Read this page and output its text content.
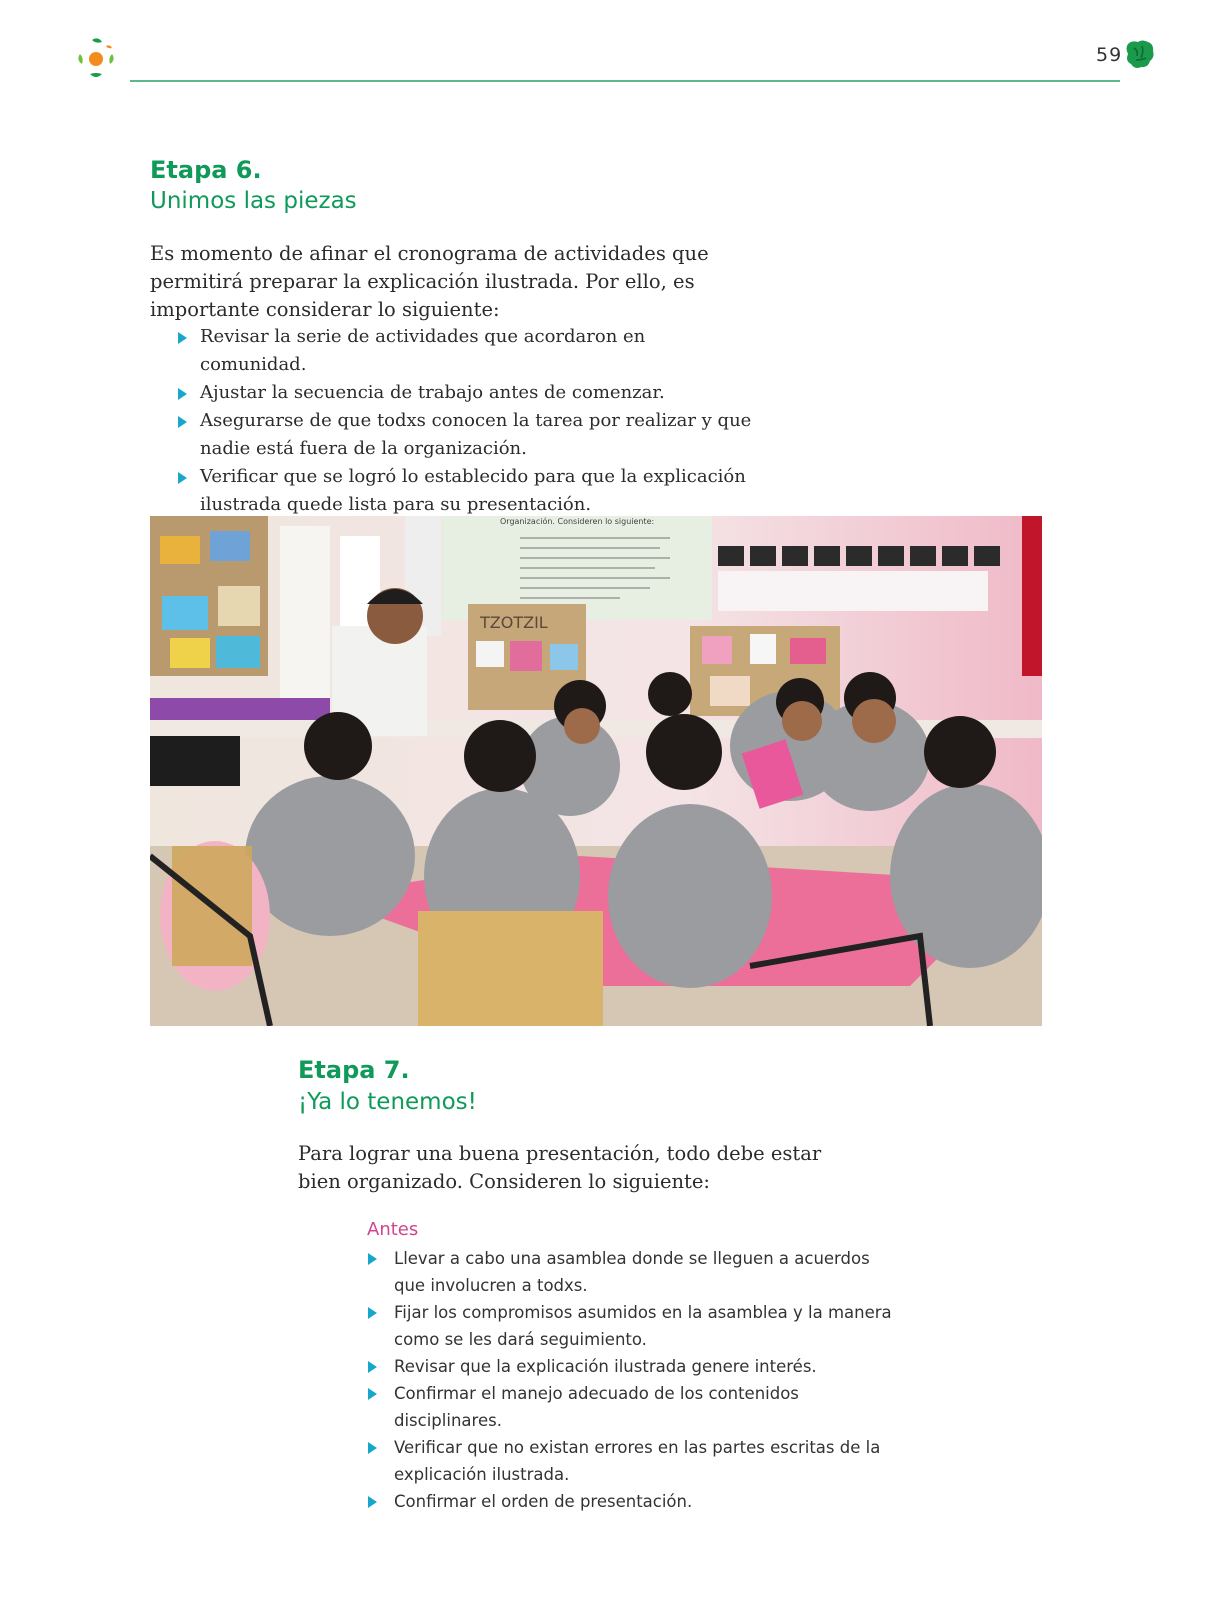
59
Etapa 6.
Unimos las piezas

Es momento de afinar el cronograma de actividades que permitirá preparar la explicación ilustrada. Por ello, es importante considerar lo siguiente:

Revisar la serie de actividades que acordaron en comunidad.
Ajustar la secuencia de trabajo antes de comenzar.
Asegurarse de que todxs conocen la tarea por realizar y que nadie está fuera de la organización.
Verificar que se logró lo establecido para que la explicación ilustrada quede lista para su presentación.
Organización. Consideren lo siguiente:
TZOTZIL
Etapa 7.
¡Ya lo tenemos!

Para lograr una buena presentación, todo debe estar bien organizado. Consideren lo siguiente:

Antes
Llevar a cabo una asamblea donde se lleguen a acuerdos que involucren a todxs.
Fijar los compromisos asumidos en la asamblea y la manera como se les dará seguimiento.
Revisar que la explicación ilustrada genere interés.
Confirmar el manejo adecuado de los contenidos disciplinares.
Verificar que no existan errores en las partes escritas de la explicación ilustrada.
Confirmar el orden de presentación.
